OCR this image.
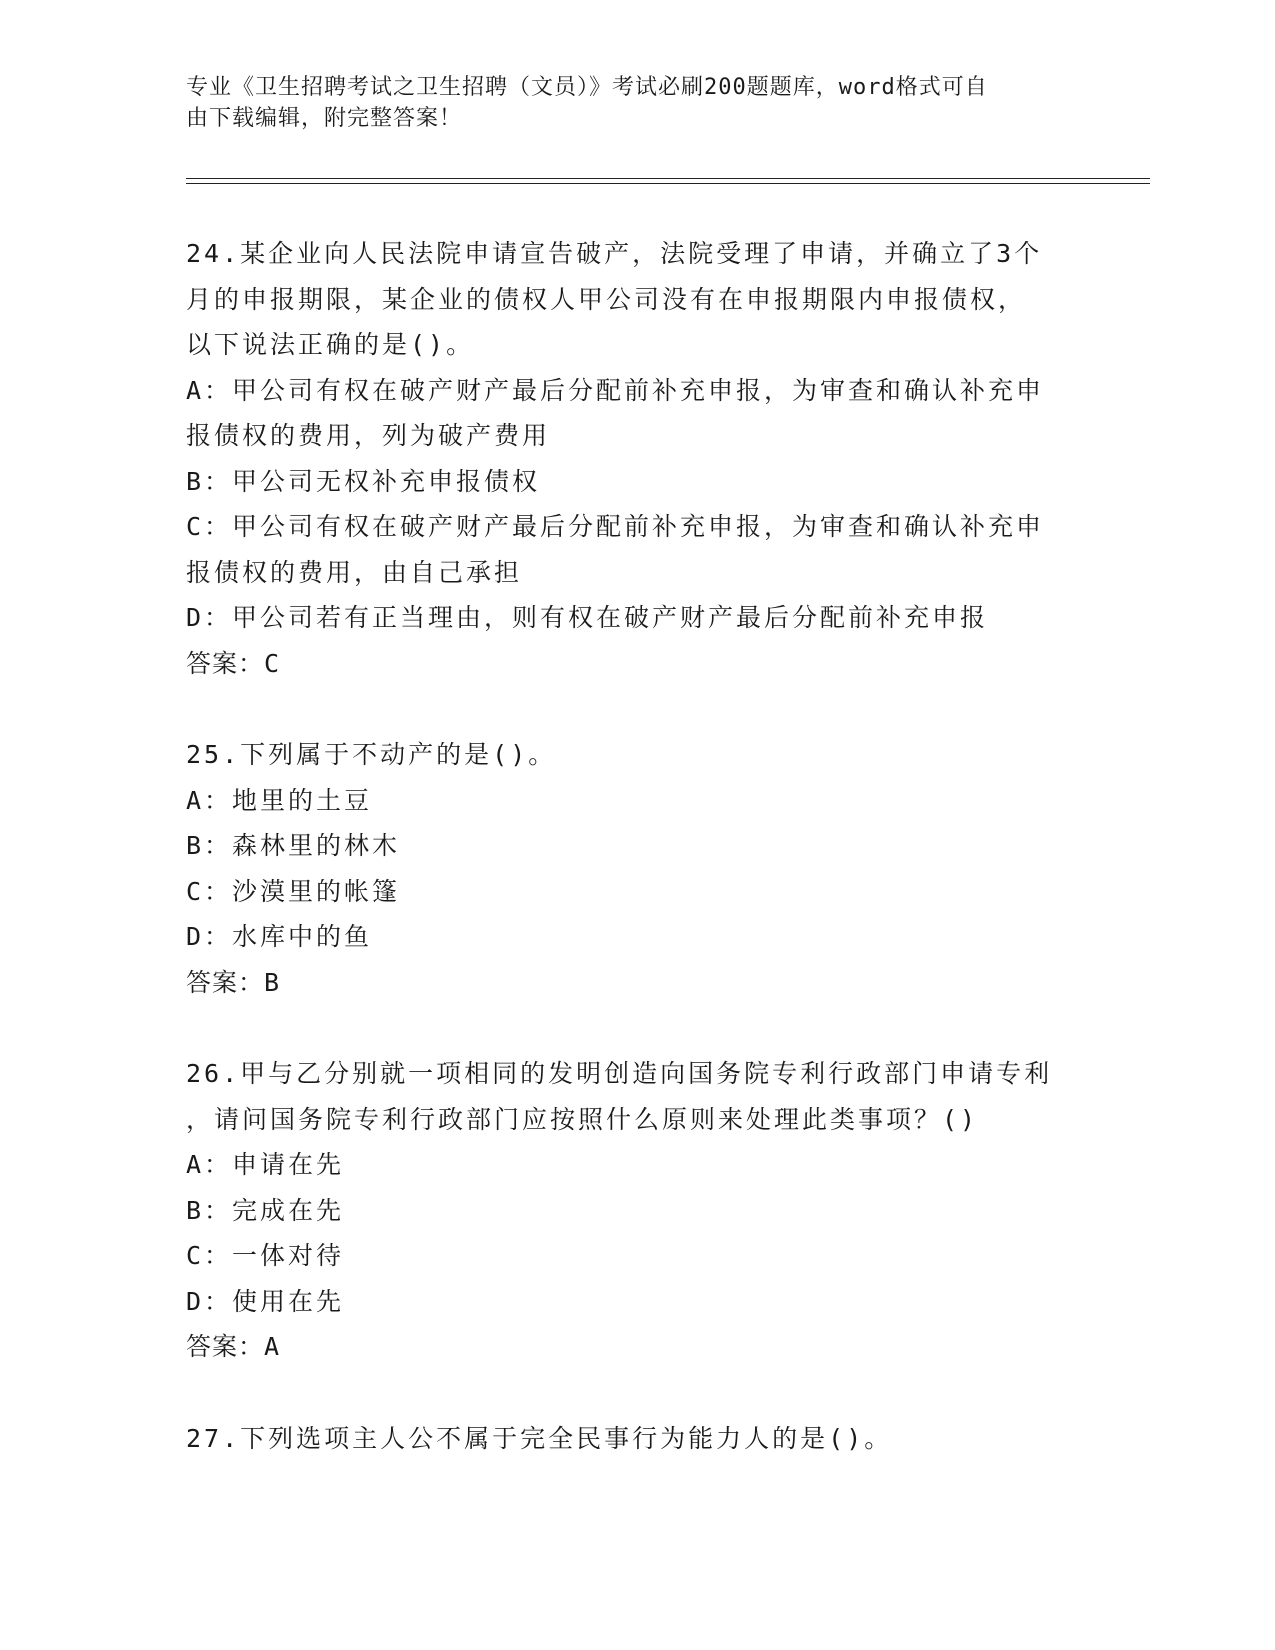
专业《卫生招聘考试之卫生招聘（文员）》考试必刷200题题库，word格式可自
由下载编辑，附完整答案！
24.某企业向人民法院申请宣告破产，法院受理了申请，并确立了3个
月的申报期限，某企业的债权人甲公司没有在申报期限内申报债权，
以下说法正确的是()。
A：甲公司有权在破产财产最后分配前补充申报，为审查和确认补充申
报债权的费用，列为破产费用
B：甲公司无权补充申报债权
C：甲公司有权在破产财产最后分配前补充申报，为审查和确认补充申
报债权的费用，由自己承担
D：甲公司若有正当理由，则有权在破产财产最后分配前补充申报
答案：C
25.下列属于不动产的是()。
A：地里的土豆
B：森林里的林木
C：沙漠里的帐篷
D：水库中的鱼
答案：B
26.甲与乙分别就一项相同的发明创造向国务院专利行政部门申请专利
，请问国务院专利行政部门应按照什么原则来处理此类事项？()
A：申请在先
B：完成在先
C：一体对待
D：使用在先
答案：A
27.下列选项主人公不属于完全民事行为能力人的是()。
